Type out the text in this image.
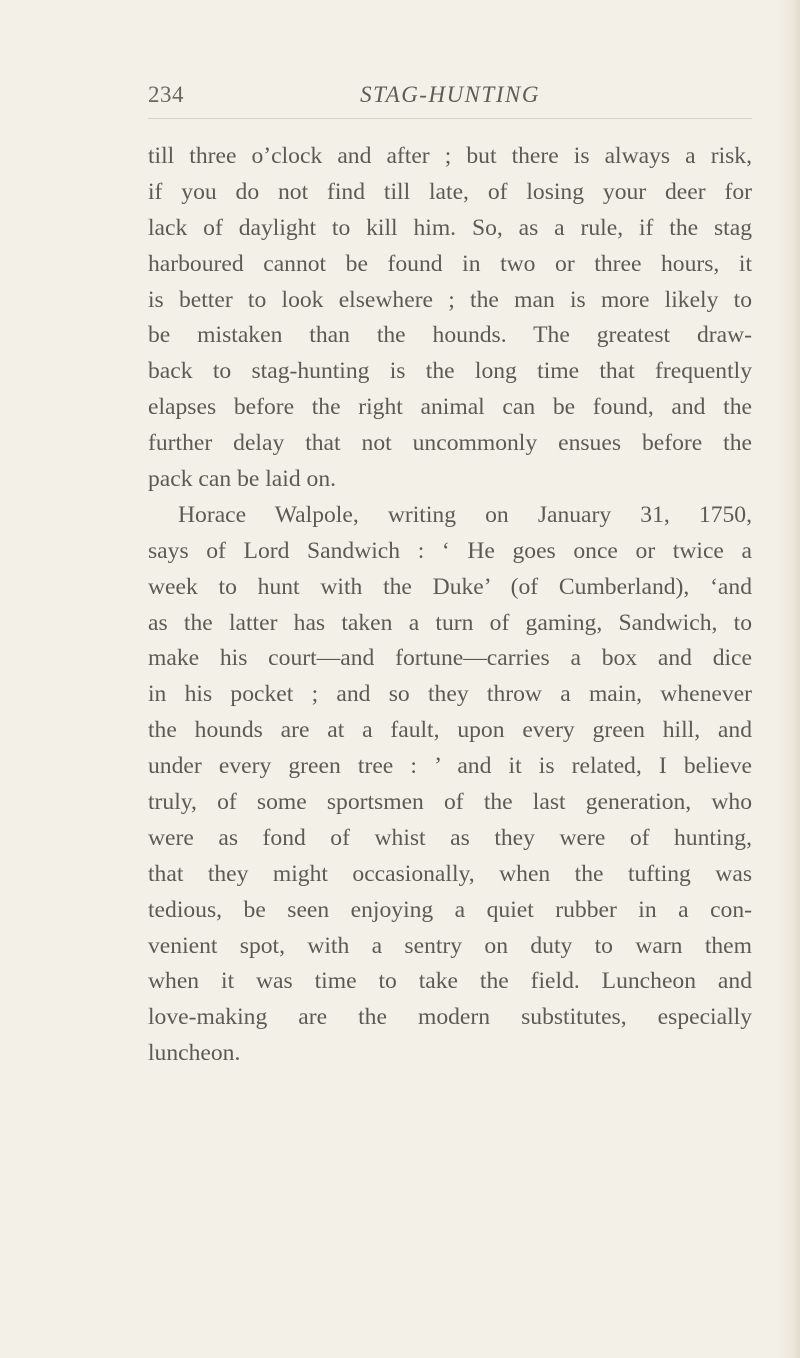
234	STAG-HUNTING
till three o’clock and after ; but there is always a risk,
if you do not find till late, of losing your deer for
lack of daylight to kill him. So, as a rule, if the stag
harboured cannot be found in two or three hours, it
is better to look elsewhere ; the man is more likely to
be mistaken than the hounds. The greatest draw-
back to stag-hunting is the long time that frequently
elapses before the right animal can be found, and the
further delay that not uncommonly ensues before the
pack can be laid on.
Horace Walpole, writing on January 31, 1750,
says of Lord Sandwich : ‘ He goes once or twice a
week to hunt with the Duke’ (of Cumberland), ‘and
as the latter has taken a turn of gaming, Sandwich, to
make his court—and fortune—carries a box and dice
in his pocket ; and so they throw a main, whenever
the hounds are at a fault, upon every green hill, and
under every green tree : ’ and it is related, I believe
truly, of some sportsmen of the last generation, who
were as fond of whist as they were of hunting,
that they might occasionally, when the tufting was
tedious, be seen enjoying a quiet rubber in a con-
venient spot, with a sentry on duty to warn them
when it was time to take the field. Luncheon and
love-making are the modern substitutes, especially
luncheon.
